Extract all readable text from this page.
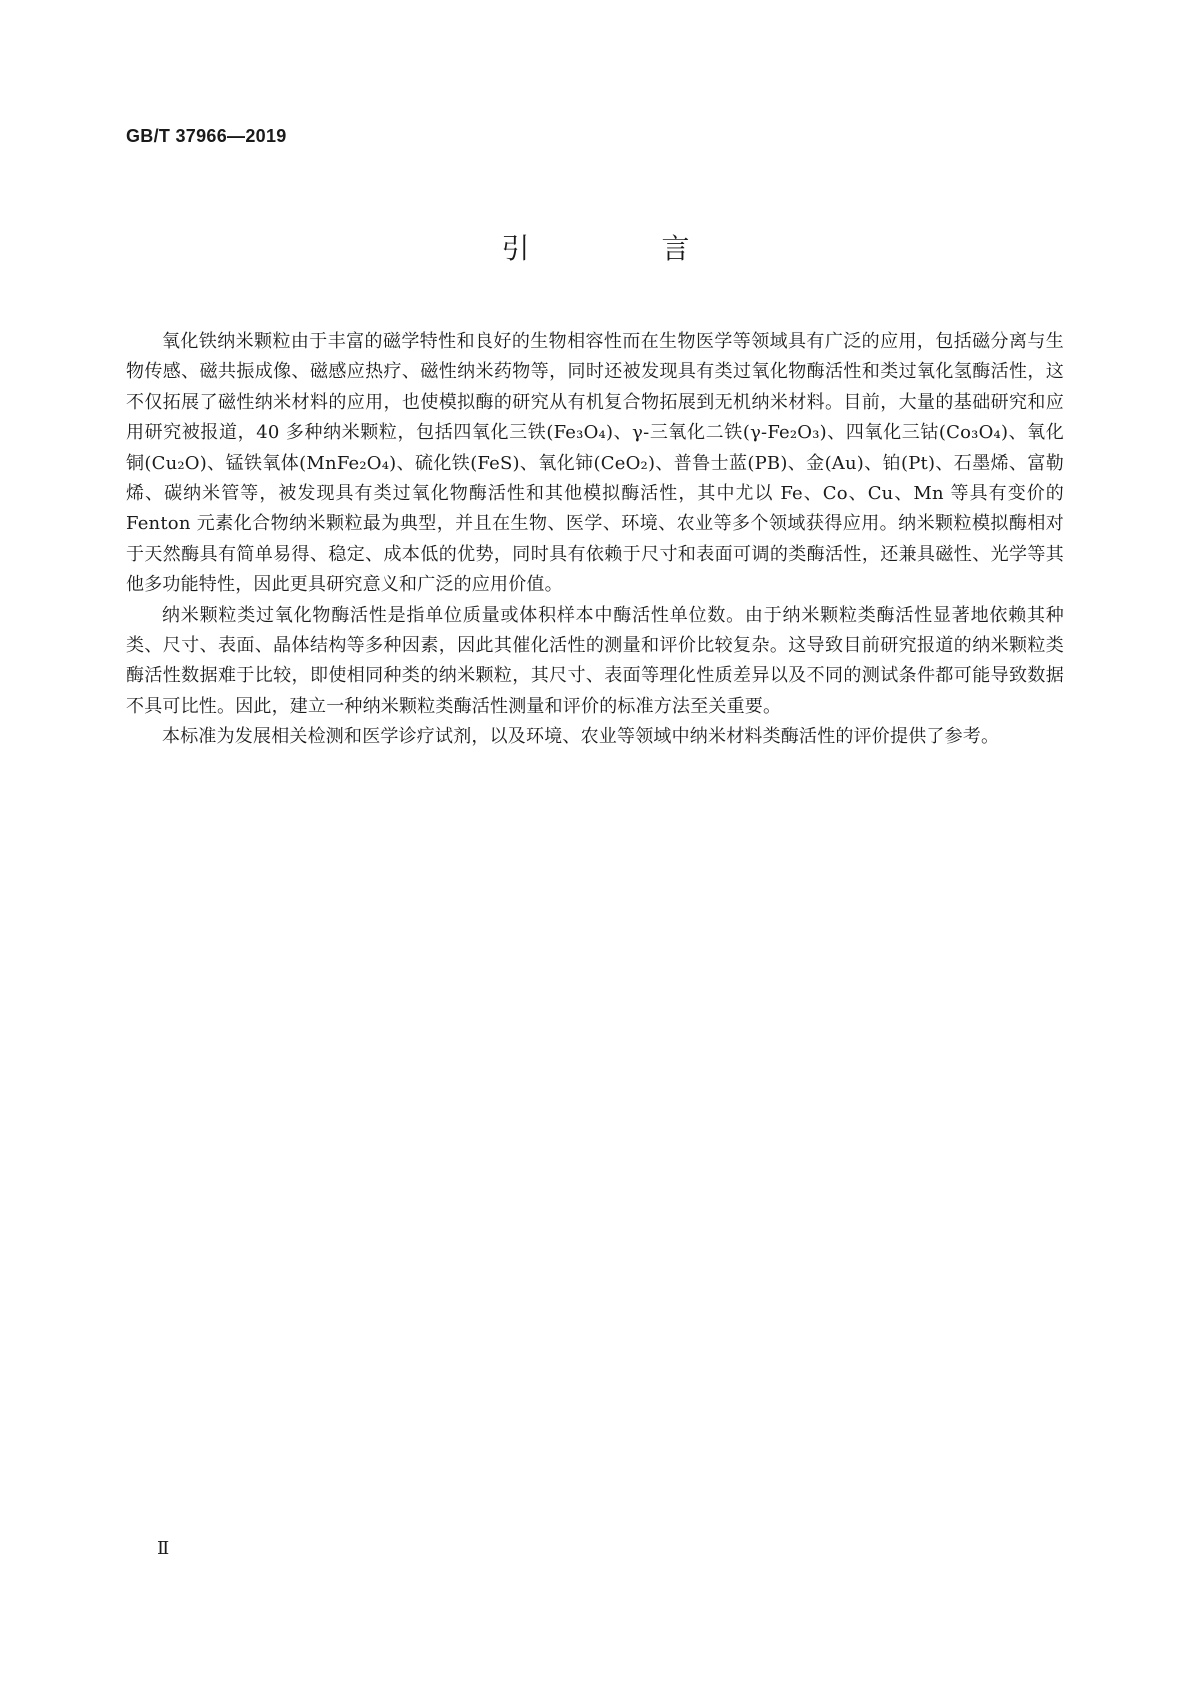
GB/T 37966—2019
引　言

氧化铁纳米颗粒由于丰富的磁学特性和良好的生物相容性而在生物医学等领域具有广泛的应用，包括磁分离与生物传感、磁共振成像、磁感应热疗、磁性纳米药物等，同时还被发现具有类过氧化物酶活性和类过氧化氢酶活性，这不仅拓展了磁性纳米材料的应用，也使模拟酶的研究从有机复合物拓展到无机纳米材料。目前，大量的基础研究和应用研究被报道，40 多种纳米颗粒，包括四氧化三铁(Fe₃O₄)、γ-三氧化二铁(γ-Fe₂O₃)、四氧化三钴(Co₃O₄)、氧化铜(Cu₂O)、锰铁氧体(MnFe₂O₄)、硫化铁(FeS)、氧化铈(CeO₂)、普鲁士蓝(PB)、金(Au)、铂(Pt)、石墨烯、富勒烯、碳纳米管等，被发现具有类过氧化物酶活性和其他模拟酶活性，其中尤以 Fe、Co、Cu、Mn 等具有变价的 Fenton 元素化合物纳米颗粒最为典型，并且在生物、医学、环境、农业等多个领域获得应用。纳米颗粒模拟酶相对于天然酶具有简单易得、稳定、成本低的优势，同时具有依赖于尺寸和表面可调的类酶活性，还兼具磁性、光学等其他多功能特性，因此更具研究意义和广泛的应用价值。

纳米颗粒类过氧化物酶活性是指单位质量或体积样本中酶活性单位数。由于纳米颗粒类酶活性显著地依赖其种类、尺寸、表面、晶体结构等多种因素，因此其催化活性的测量和评价比较复杂。这导致目前研究报道的纳米颗粒类酶活性数据难于比较，即使相同种类的纳米颗粒，其尺寸、表面等理化性质差异以及不同的测试条件都可能导致数据不具可比性。因此，建立一种纳米颗粒类酶活性测量和评价的标准方法至关重要。

本标准为发展相关检测和医学诊疗试剂，以及环境、农业等领域中纳米材料类酶活性的评价提供了参考。

Ⅱ
